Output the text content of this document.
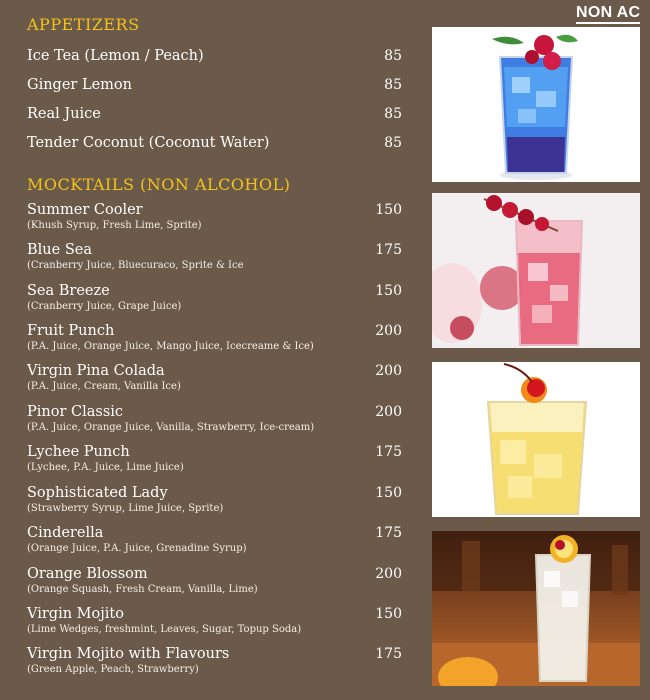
NON AC
APPETIZERS
Ice Tea (Lemon / Peach)	85
Ginger Lemon	85
Real Juice	85
Tender Coconut (Coconut Water)	85
MOCKTAILS (NON ALCOHOL)
Summer Cooler	150
(Khush Syrup, Fresh Lime, Sprite)
Blue Sea	175
(Cranberry Juice, Bluecuraco, Sprite & Ice
Sea Breeze	150
(Cranberry Juice, Grape Juice)
Fruit Punch	200
(P.A. Juice, Orange Juice, Mango Juice, Icecreame & Ice)
Virgin Pina Colada	200
(P.A. Juice, Cream, Vanilla Ice)
Pinor Classic	200
(P.A. Juice, Orange Juice, Vanilla, Strawberry, Ice-cream)
Lychee Punch	175
(Lychee, P.A. Juice, Lime Juice)
Sophisticated Lady	150
(Strawberry Syrup, Lime Juice, Sprite)
Cinderella	175
(Orange Juice, P.A. Juice, Grenadine Syrup)
Orange Blossom	200
(Orange Squash, Fresh Cream, Vanilla, Lime)
Virgin Mojito	150
(Lime Wedges, freshmint, Leaves, Sugar, Topup Soda)
Virgin Mojito with Flavours	175
(Green Apple, Peach, Strawberry)
